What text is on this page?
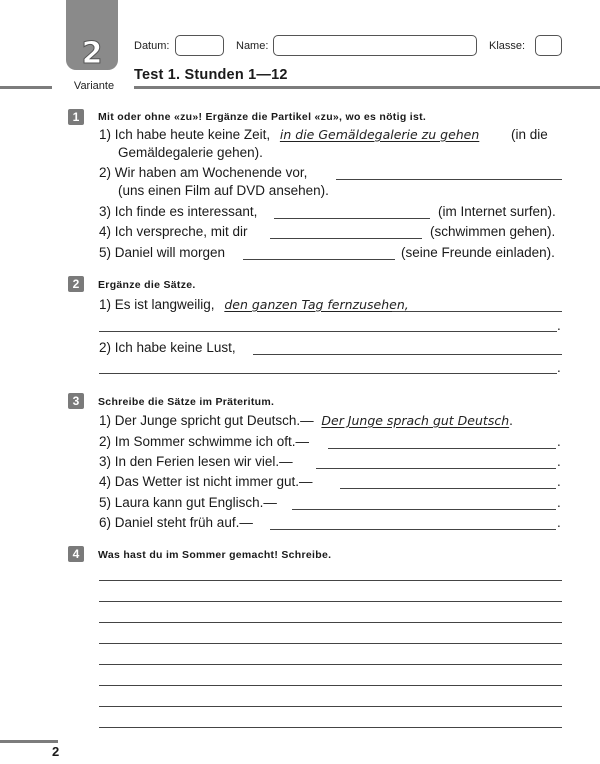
2
Variante
Datum:	Name:	Klasse:
Test 1. Stunden 1—12
1	Mit oder ohne «zu»! Ergänze die Partikel «zu», wo es nötig ist.
1) Ich habe heute keine Zeit, in die Gemäldegalerie zu gehen (in die
Gemäldegalerie gehen).
2) Wir haben am Wochenende vor,
(uns einen Film auf DVD ansehen).
3) Ich finde es interessant,	(im Internet surfen).
4) Ich verspreche, mit dir	(schwimmen gehen).
5) Daniel will morgen	(seine Freunde einladen).
2	Ergänze die Sätze.
1) Es ist langweilig, den ganzen Tag fernzusehen,
.
2) Ich habe keine Lust,
.
3	Schreibe die Sätze im Präteritum.
1) Der Junge spricht gut Deutsch.— Der Junge sprach gut Deutsch.
2) Im Sommer schwimme ich oft.—	.
3) In den Ferien lesen wir viel.—	.
4) Das Wetter ist nicht immer gut.—	.
5) Laura kann gut Englisch.—	.
6) Daniel steht früh auf.—	.
4	Was hast du im Sommer gemacht! Schreibe.
2
